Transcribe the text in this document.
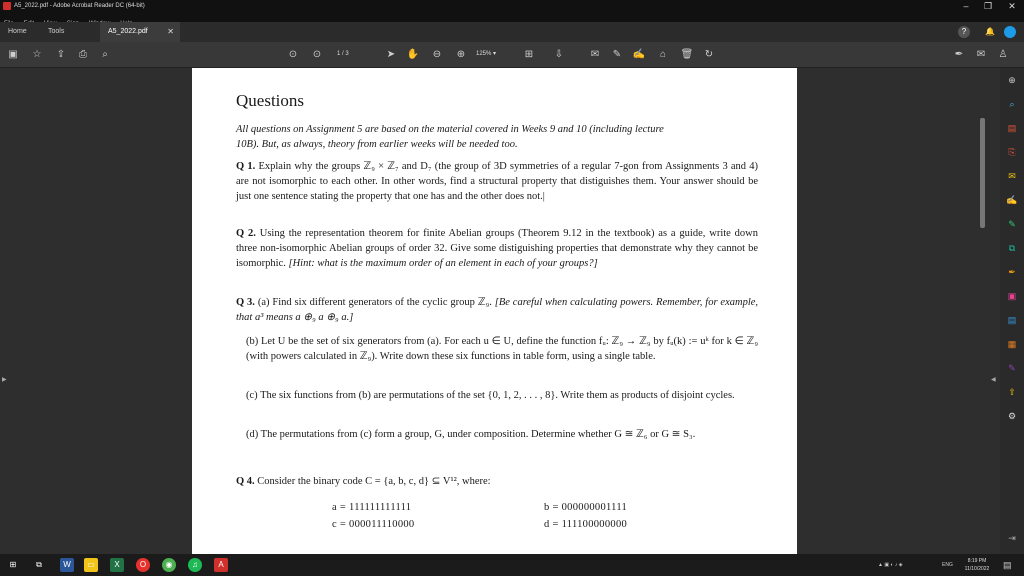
A5_2022.pdf - Adobe Acrobat Reader DC (64-bit)	–	❐	✕
Home	Tools	A5_2022.pdf ✕	?	🔔
▣ ☆ ⇪	⎙	⌕	⊙ ⊙	➤ ✋ ⊖ ⊕	⊞ ⇩	✉ ✎ ✍	⌂	🗑 ↻	✒ ✉ ♙
1 / 3	125% ▾
▶
Questions
All questions on Assignment 5 are based on the material covered in Weeks 9 and 10 (including lecture
10B). But, as always, theory from earlier weeks will be needed too.
Q 1. Explain why the groups ℤ₉ × ℤ₇ and D₇ (the group of 3D symmetries of a regular 7-gon from Assignments 3 and 4) are not isomorphic to each other. In other words, find a structural property that distiguishes them. Your answer should be just one sentence stating the property that one has and the other does not.|
Q 2. Using the representation theorem for finite Abelian groups (Theorem 9.12 in the textbook) as a guide, write down three non-isomorphic Abelian groups of order 32. Give some distiguishing properties that demonstrate why they cannot be isomorphic. [Hint: what is the maximum order of an element in each of your groups?]
Q 3. (a) Find six different generators of the cyclic group ℤ₉. [Be careful when calculating powers. Remember, for example, that a³ means a ⊕₉ a ⊕₉ a.]
(b) Let U be the set of six generators from (a). For each u ∈ U, define the function fᵤ: ℤ₉ → ℤ₉ by fᵤ(k) := uᵏ for k ∈ ℤ₉ (with powers calculated in ℤ₉). Write down these six functions in table form, using a single table.
(c) The six functions from (b) are permutations of the set {0, 1, 2, . . . , 8}. Write them as products of disjoint cycles.
(d) The permutations from (c) form a group, G, under composition. Determine whether G ≅ ℤ₆ or G ≅ S₃.
Q 4. Consider the binary code C = {a, b, c, d} ⊆ V¹², where:
a = 111111111111	b = 000000001111
c = 000011110000	d = 111100000000
◀
⊕
⌕
▤
⎘
✉
✍
✎
⧉
✒
▣
▤
▦
✎
⇧
⚙
⇥
⊞	⧉	W	▭	X	O	◉	♫	A	▲ ▣ ◐ ♪ ◈	ENG
8:19 PM
11/10/2022	▤
